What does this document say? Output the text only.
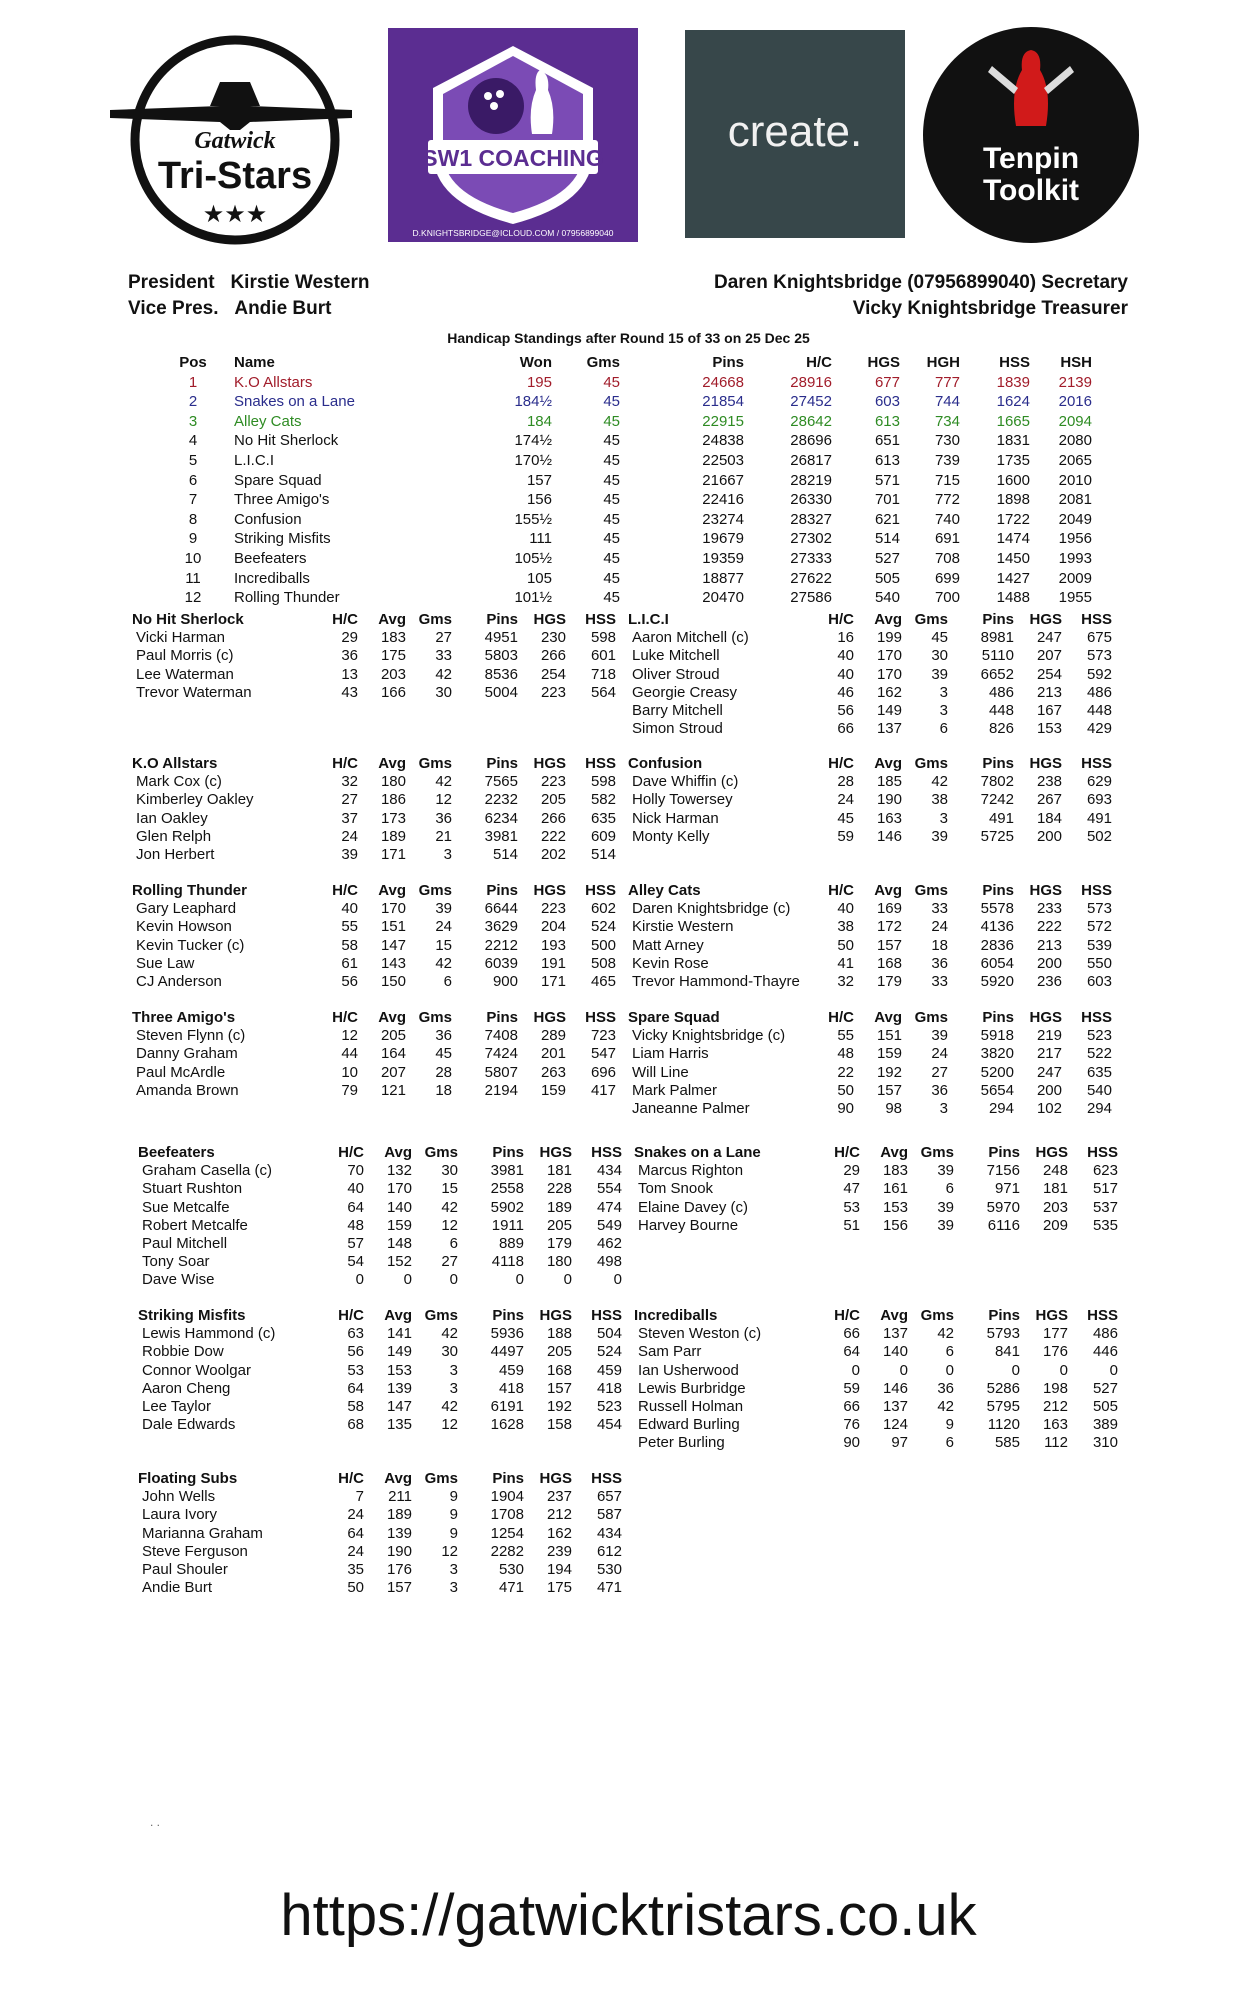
Gatwick
Tri-Stars
★★★
SW1 COACHING
D.KNIGHTSBRIDGE@ICLOUD.COM / 07956899040
create.
Tenpin
Toolkit
President Kirstie Western	Daren Knightsbridge (07956899040) Secretary
Vice Pres. Andie Burt	Vicky Knightsbridge Treasurer
Handicap Standings after Round 15 of 33 on 25 Dec 25
Pos Name	Won	Gms	Pins	H/C	HGS	HGH	HSS	HSH
1	K.O Allstars	195	45	24668	28916	677	777	1839	2139
2	Snakes on a Lane	184½	45	21854	27452	603	744	1624	2016
3	Alley Cats	184	45	22915	28642	613	734	1665	2094
4	No Hit Sherlock	174½	45	24838	28696	651	730	1831	2080
5	L.I.C.I	170½	45	22503	26817	613	739	1735	2065
6	Spare Squad	157	45	21667	28219	571	715	1600	2010
7	Three Amigo's	156	45	22416	26330	701	772	1898	2081
8	Confusion	155½	45	23274	28327	621	740	1722	2049
9	Striking Misfits	111	45	19679	27302	514	691	1474	1956
10	Beefeaters	105½	45	19359	27333	527	708	1450	1993
11	Incrediballs	105	45	18877	27622	505	699	1427	2009
12	Rolling Thunder	101½	45	20470	27586	540	700	1488	1955
No Hit Sherlock	H/C	Avg Gms	Pins	HGS	HSS
Vicki Harman	29	183	27	4951	230	598
Paul Morris (c)	36	175	33	5803	266	601
Lee Waterman	13	203	42	8536	254	718
Trevor Waterman	43	166	30	5004	223	564
L.I.C.I	H/C	Avg Gms	Pins	HGS	HSS
Aaron Mitchell (c)	16	199	45	8981	247	675
Luke Mitchell	40	170	30	5110	207	573
Oliver Stroud	40	170	39	6652	254	592
Georgie Creasy	46	162	3	486	213	486
Barry Mitchell	56	149	3	448	167	448
Simon Stroud	66	137	6	826	153	429
K.O Allstars	H/C	Avg Gms	Pins	HGS	HSS
Mark Cox (c)	32	180	42	7565	223	598
Kimberley Oakley	27	186	12	2232	205	582
Ian Oakley	37	173	36	6234	266	635
Glen Relph	24	189	21	3981	222	609
Jon Herbert	39	171	3	514	202	514
Confusion	H/C	Avg Gms	Pins	HGS	HSS
Dave Whiffin (c)	28	185	42	7802	238	629
Holly Towersey	24	190	38	7242	267	693
Nick Harman	45	163	3	491	184	491
Monty Kelly	59	146	39	5725	200	502
Rolling Thunder	H/C	Avg Gms	Pins	HGS	HSS
Gary Leaphard	40	170	39	6644	223	602
Kevin Howson	55	151	24	3629	204	524
Kevin Tucker (c)	58	147	15	2212	193	500
Sue Law	61	143	42	6039	191	508
CJ Anderson	56	150	6	900	171	465
Alley Cats	H/C	Avg Gms	Pins	HGS	HSS
Daren Knightsbridge (c)	40	169	33	5578	233	573
Kirstie Western	38	172	24	4136	222	572
Matt Arney	50	157	18	2836	213	539
Kevin Rose	41	168	36	6054	200	550
Trevor Hammond-Thayre	32	179	33	5920	236	603
Three Amigo's	H/C	Avg Gms	Pins	HGS	HSS
Steven Flynn (c)	12	205	36	7408	289	723
Danny Graham	44	164	45	7424	201	547
Paul McArdle	10	207	28	5807	263	696
Amanda Brown	79	121	18	2194	159	417
Spare Squad	H/C	Avg Gms	Pins	HGS	HSS
Vicky Knightsbridge (c)	55	151	39	5918	219	523
Liam Harris	48	159	24	3820	217	522
Will Line	22	192	27	5200	247	635
Mark Palmer	50	157	36	5654	200	540
Janeanne Palmer	90	98	3	294	102	294
Beefeaters	H/C	Avg Gms	Pins	HGS	HSS
Graham Casella (c)	70	132	30	3981	181	434
Stuart Rushton	40	170	15	2558	228	554
Sue Metcalfe	64	140	42	5902	189	474
Robert Metcalfe	48	159	12	1911	205	549
Paul Mitchell	57	148	6	889	179	462
Tony Soar	54	152	27	4118	180	498
Dave Wise	0	0	0	0	0	0
Snakes on a Lane	H/C	Avg Gms	Pins	HGS	HSS
Marcus Righton	29	183	39	7156	248	623
Tom Snook	47	161	6	971	181	517
Elaine Davey (c)	53	153	39	5970	203	537
Harvey Bourne	51	156	39	6116	209	535
Striking Misfits	H/C	Avg Gms	Pins	HGS	HSS
Lewis Hammond (c)	63	141	42	5936	188	504
Robbie Dow	56	149	30	4497	205	524
Connor Woolgar	53	153	3	459	168	459
Aaron Cheng	64	139	3	418	157	418
Lee Taylor	58	147	42	6191	192	523
Dale Edwards	68	135	12	1628	158	454
Incrediballs	H/C	Avg Gms	Pins	HGS	HSS
Steven Weston (c)	66	137	42	5793	177	486
Sam Parr	64	140	6	841	176	446
Ian Usherwood	0	0	0	0	0	0
Lewis Burbridge	59	146	36	5286	198	527
Russell Holman	66	137	42	5795	212	505
Edward Burling	76	124	9	1120	163	389
Peter Burling	90	97	6	585	112	310
Floating Subs	H/C	Avg Gms	Pins	HGS	HSS
John Wells	7	211	9	1904	237	657
Laura Ivory	24	189	9	1708	212	587
Marianna Graham	64	139	9	1254	162	434
Steve Ferguson	24	190	12	2282	239	612
Paul Shouler	35	176	3	530	194	530
Andie Burt	50	157	3	471	175	471
. .
https://gatwicktristars.co.uk
